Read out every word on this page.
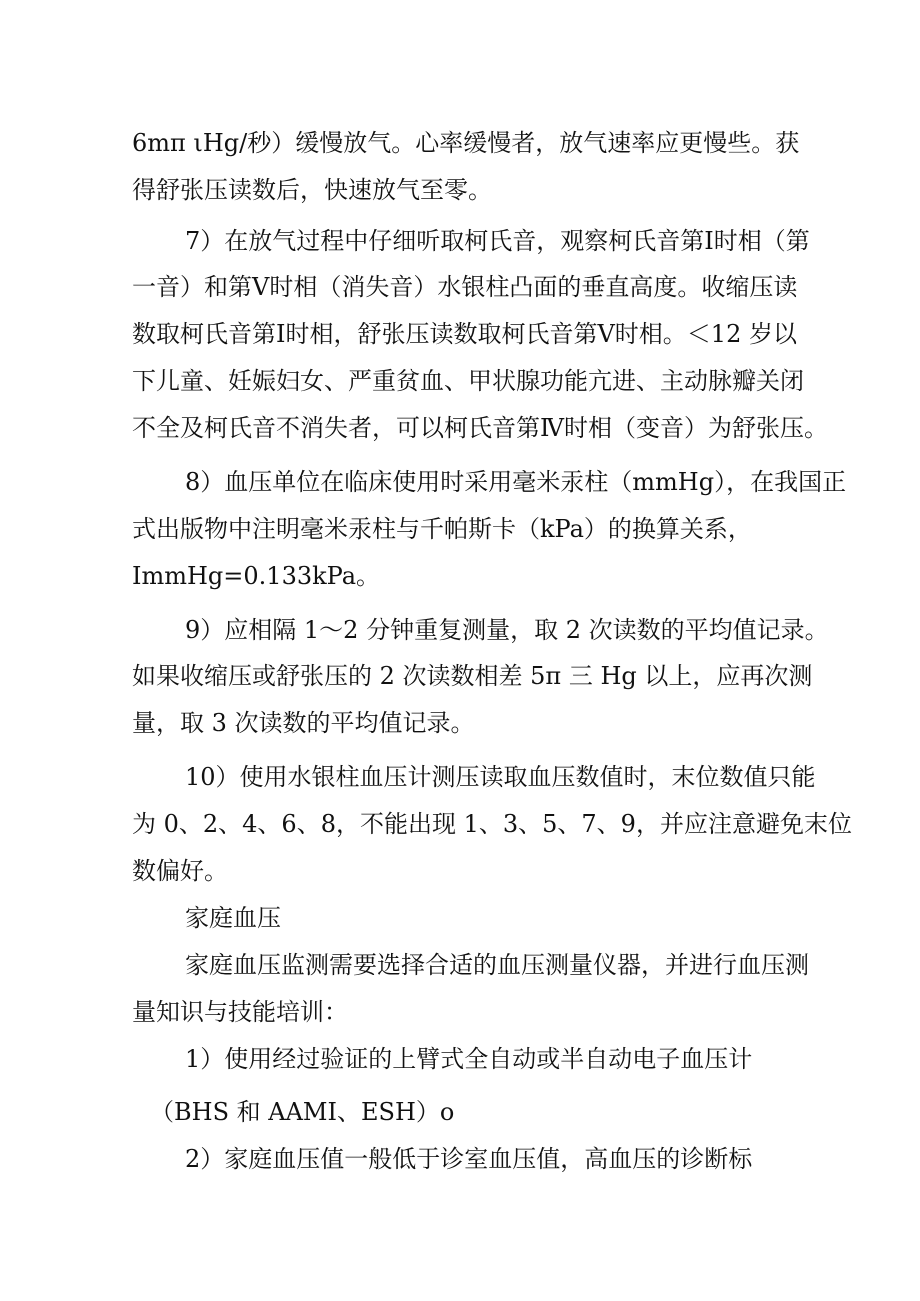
6mπ ιHg/秒）缓慢放气。心率缓慢者，放气速率应更慢些。获
得舒张压读数后，快速放气至零。
7）在放气过程中仔细听取柯氏音，观察柯氏音第Ⅰ时相（第
一音）和第Ⅴ时相（消失音）水银柱凸面的垂直高度。收缩压读
数取柯氏音第Ⅰ时相，舒张压读数取柯氏音第Ⅴ时相。＜12 岁以
下儿童、妊娠妇女、严重贫血、甲状腺功能亢进、主动脉瓣关闭
不全及柯氏音不消失者，可以柯氏音第Ⅳ时相（变音）为舒张压。
8）血压单位在临床使用时采用毫米汞柱（mmHg），在我国正
式出版物中注明毫米汞柱与千帕斯卡（kPa）的换算关系，
ImmHg=0.133kPa。
9）应相隔 1～2 分钟重复测量，取 2 次读数的平均值记录。
如果收缩压或舒张压的 2 次读数相差 5π 三 Hg 以上，应再次测
量，取 3 次读数的平均值记录。
10）使用水银柱血压计测压读取血压数值时，末位数值只能
为 0、2、4、6、8，不能出现 1、3、5、7、9，并应注意避免末位
数偏好。
家庭血压
家庭血压监测需要选择合适的血压测量仪器，并进行血压测
量知识与技能培训：
1）使用经过验证的上臂式全自动或半自动电子血压计
（BHS 和 AAMI、ESH）o
2）家庭血压值一般低于诊室血压值，高血压的诊断标
